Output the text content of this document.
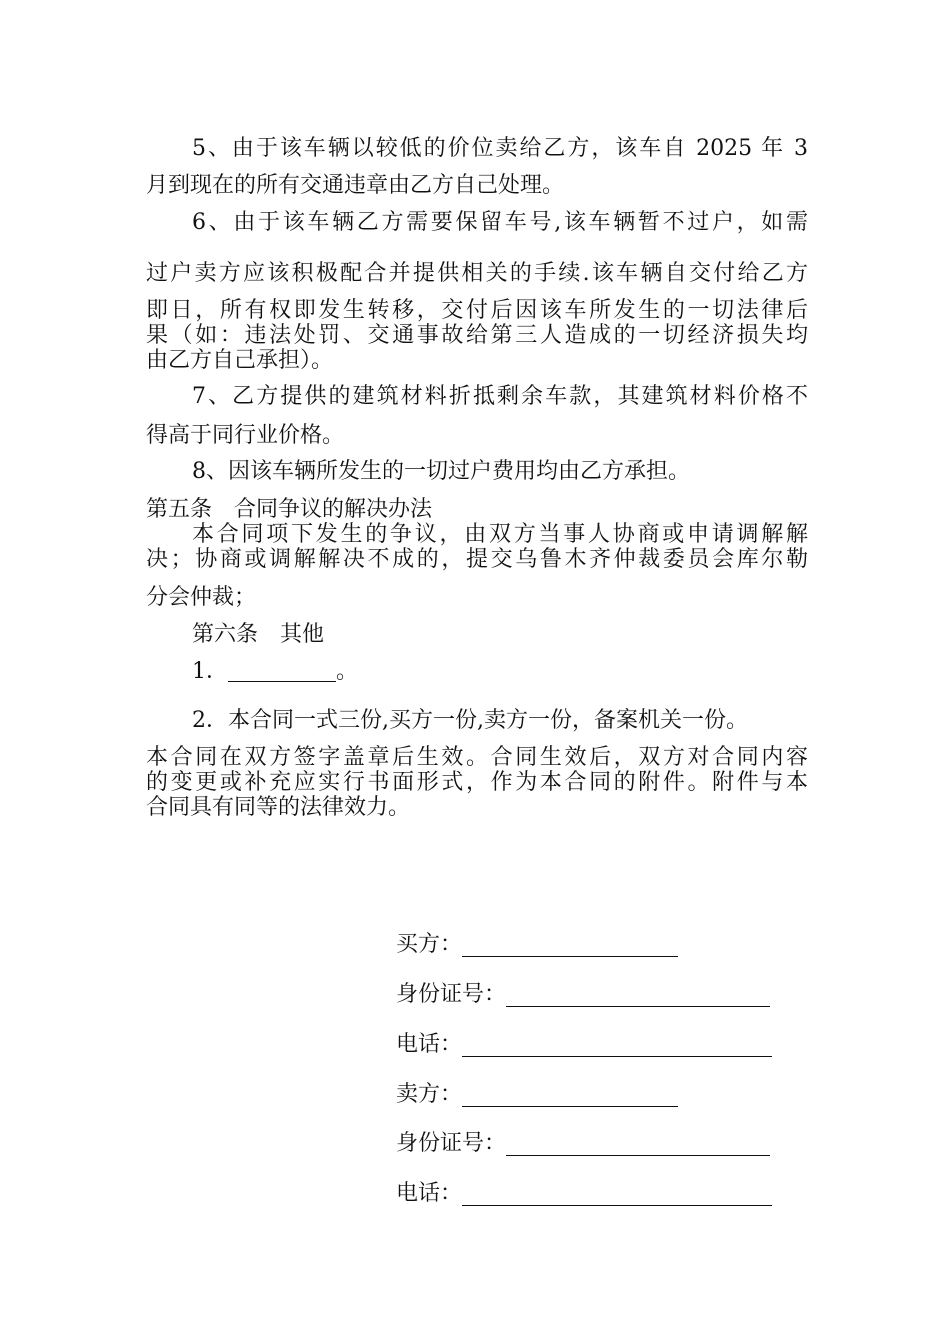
5、由于该车辆以较低的价位卖给乙方，该车自 2025 年 3
月到现在的所有交通违章由乙方自己处理。
6、由于该车辆乙方需要保留车号,该车辆暂不过户，如需
过户卖方应该积极配合并提供相关的手续.该车辆自交付给乙方
即日，所有权即发生转移，交付后因该车所发生的一切法律后
果（如：违法处罚、交通事故给第三人造成的一切经济损失均
由乙方自己承担）。
7、乙方提供的建筑材料折抵剩余车款，其建筑材料价格不
得高于同行业价格。
8、因该车辆所发生的一切过户费用均由乙方承担。
第五条　合同争议的解决办法
本合同项下发生的争议，由双方当事人协商或申请调解解
决；协商或调解解决不成的，提交乌鲁木齐仲裁委员会库尔勒
分会仲裁；
第六条　其他
1．	。
2．本合同一式三份,买方一份,卖方一份，备案机关一份。
本合同在双方签字盖章后生效。合同生效后，双方对合同内容
的变更或补充应实行书面形式，作为本合同的附件。附件与本
合同具有同等的法律效力。
买方：
身份证号：
电话：
卖方：
身份证号：
电话：
